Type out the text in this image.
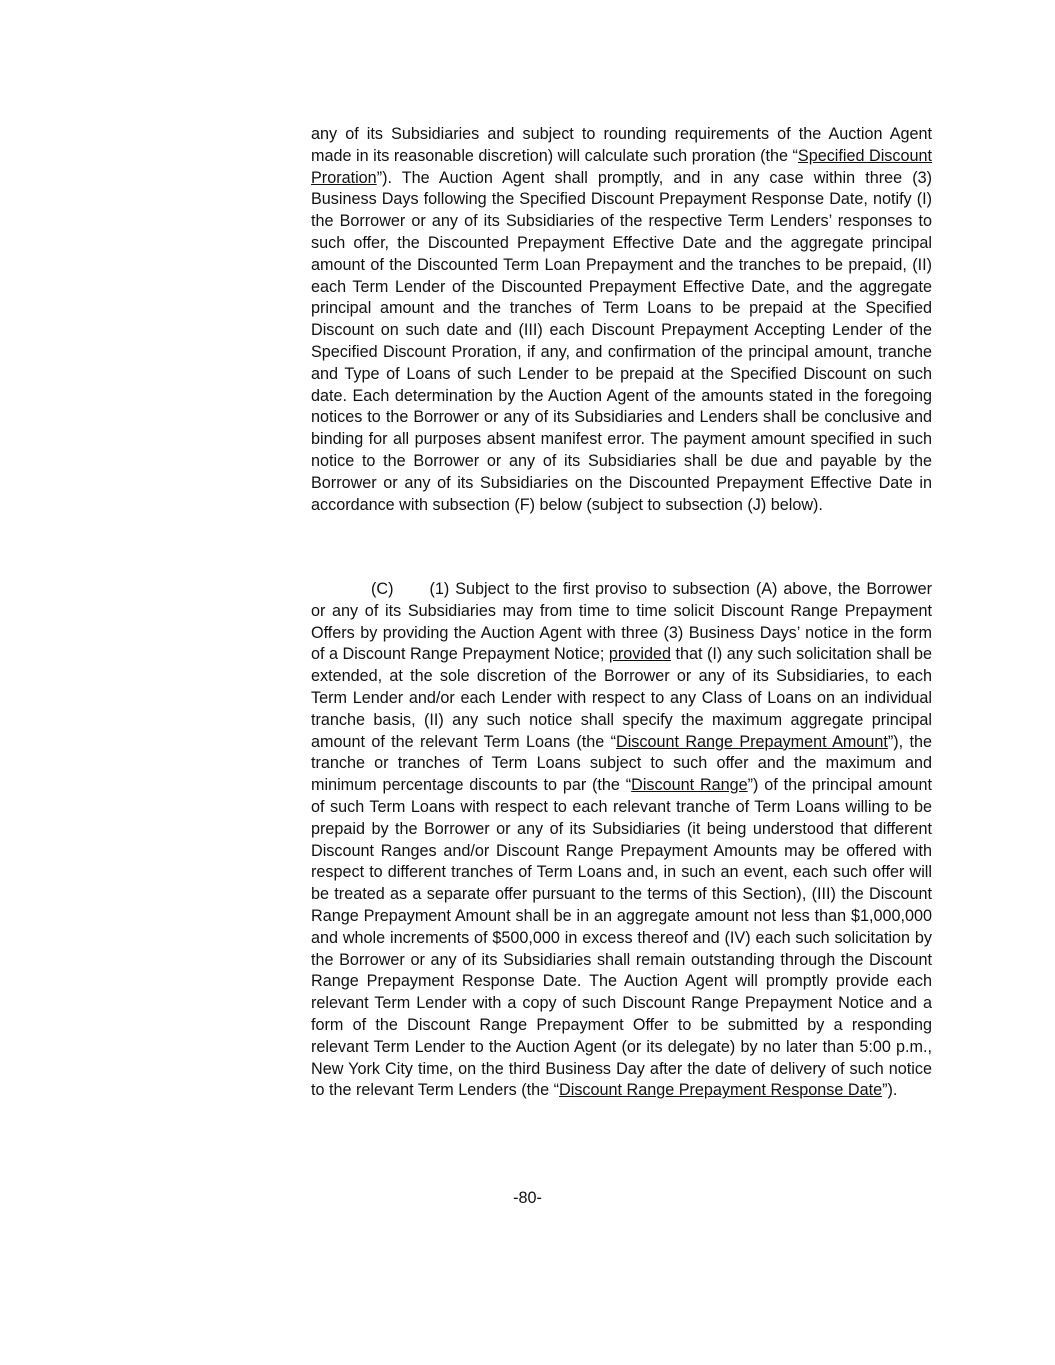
any of its Subsidiaries and subject to rounding requirements of the Auction Agent made in its reasonable discretion) will calculate such proration (the “Specified Discount Proration”). The Auction Agent shall promptly, and in any case within three (3) Business Days following the Specified Discount Prepayment Response Date, notify (I) the Borrower or any of its Subsidiaries of the respective Term Lenders’ responses to such offer, the Discounted Prepayment Effective Date and the aggregate principal amount of the Discounted Term Loan Prepayment and the tranches to be prepaid, (II) each Term Lender of the Discounted Prepayment Effective Date, and the aggregate principal amount and the tranches of Term Loans to be prepaid at the Specified Discount on such date and (III) each Discount Prepayment Accepting Lender of the Specified Discount Proration, if any, and confirmation of the principal amount, tranche and Type of Loans of such Lender to be prepaid at the Specified Discount on such date. Each determination by the Auction Agent of the amounts stated in the foregoing notices to the Borrower or any of its Subsidiaries and Lenders shall be conclusive and binding for all purposes absent manifest error. The payment amount specified in such notice to the Borrower or any of its Subsidiaries shall be due and payable by the Borrower or any of its Subsidiaries on the Discounted Prepayment Effective Date in accordance with subsection (F) below (subject to subsection (J) below).

(C) (1) Subject to the first proviso to subsection (A) above, the Borrower or any of its Subsidiaries may from time to time solicit Discount Range Prepayment Offers by providing the Auction Agent with three (3) Business Days’ notice in the form of a Discount Range Prepayment Notice; provided that (I) any such solicitation shall be extended, at the sole discretion of the Borrower or any of its Subsidiaries, to each Term Lender and/or each Lender with respect to any Class of Loans on an individual tranche basis, (II) any such notice shall specify the maximum aggregate principal amount of the relevant Term Loans (the “Discount Range Prepayment Amount”), the tranche or tranches of Term Loans subject to such offer and the maximum and minimum percentage discounts to par (the “Discount Range”) of the principal amount of such Term Loans with respect to each relevant tranche of Term Loans willing to be prepaid by the Borrower or any of its Subsidiaries (it being understood that different Discount Ranges and/or Discount Range Prepayment Amounts may be offered with respect to different tranches of Term Loans and, in such an event, each such offer will be treated as a separate offer pursuant to the terms of this Section), (III) the Discount Range Prepayment Amount shall be in an aggregate amount not less than $1,000,000 and whole increments of $500,000 in excess thereof and (IV) each such solicitation by the Borrower or any of its Subsidiaries shall remain outstanding through the Discount Range Prepayment Response Date. The Auction Agent will promptly provide each relevant Term Lender with a copy of such Discount Range Prepayment Notice and a form of the Discount Range Prepayment Offer to be submitted by a responding relevant Term Lender to the Auction Agent (or its delegate) by no later than 5:00 p.m., New York City time, on the third Business Day after the date of delivery of such notice to the relevant Term Lenders (the “Discount Range Prepayment Response Date”).

-80-
